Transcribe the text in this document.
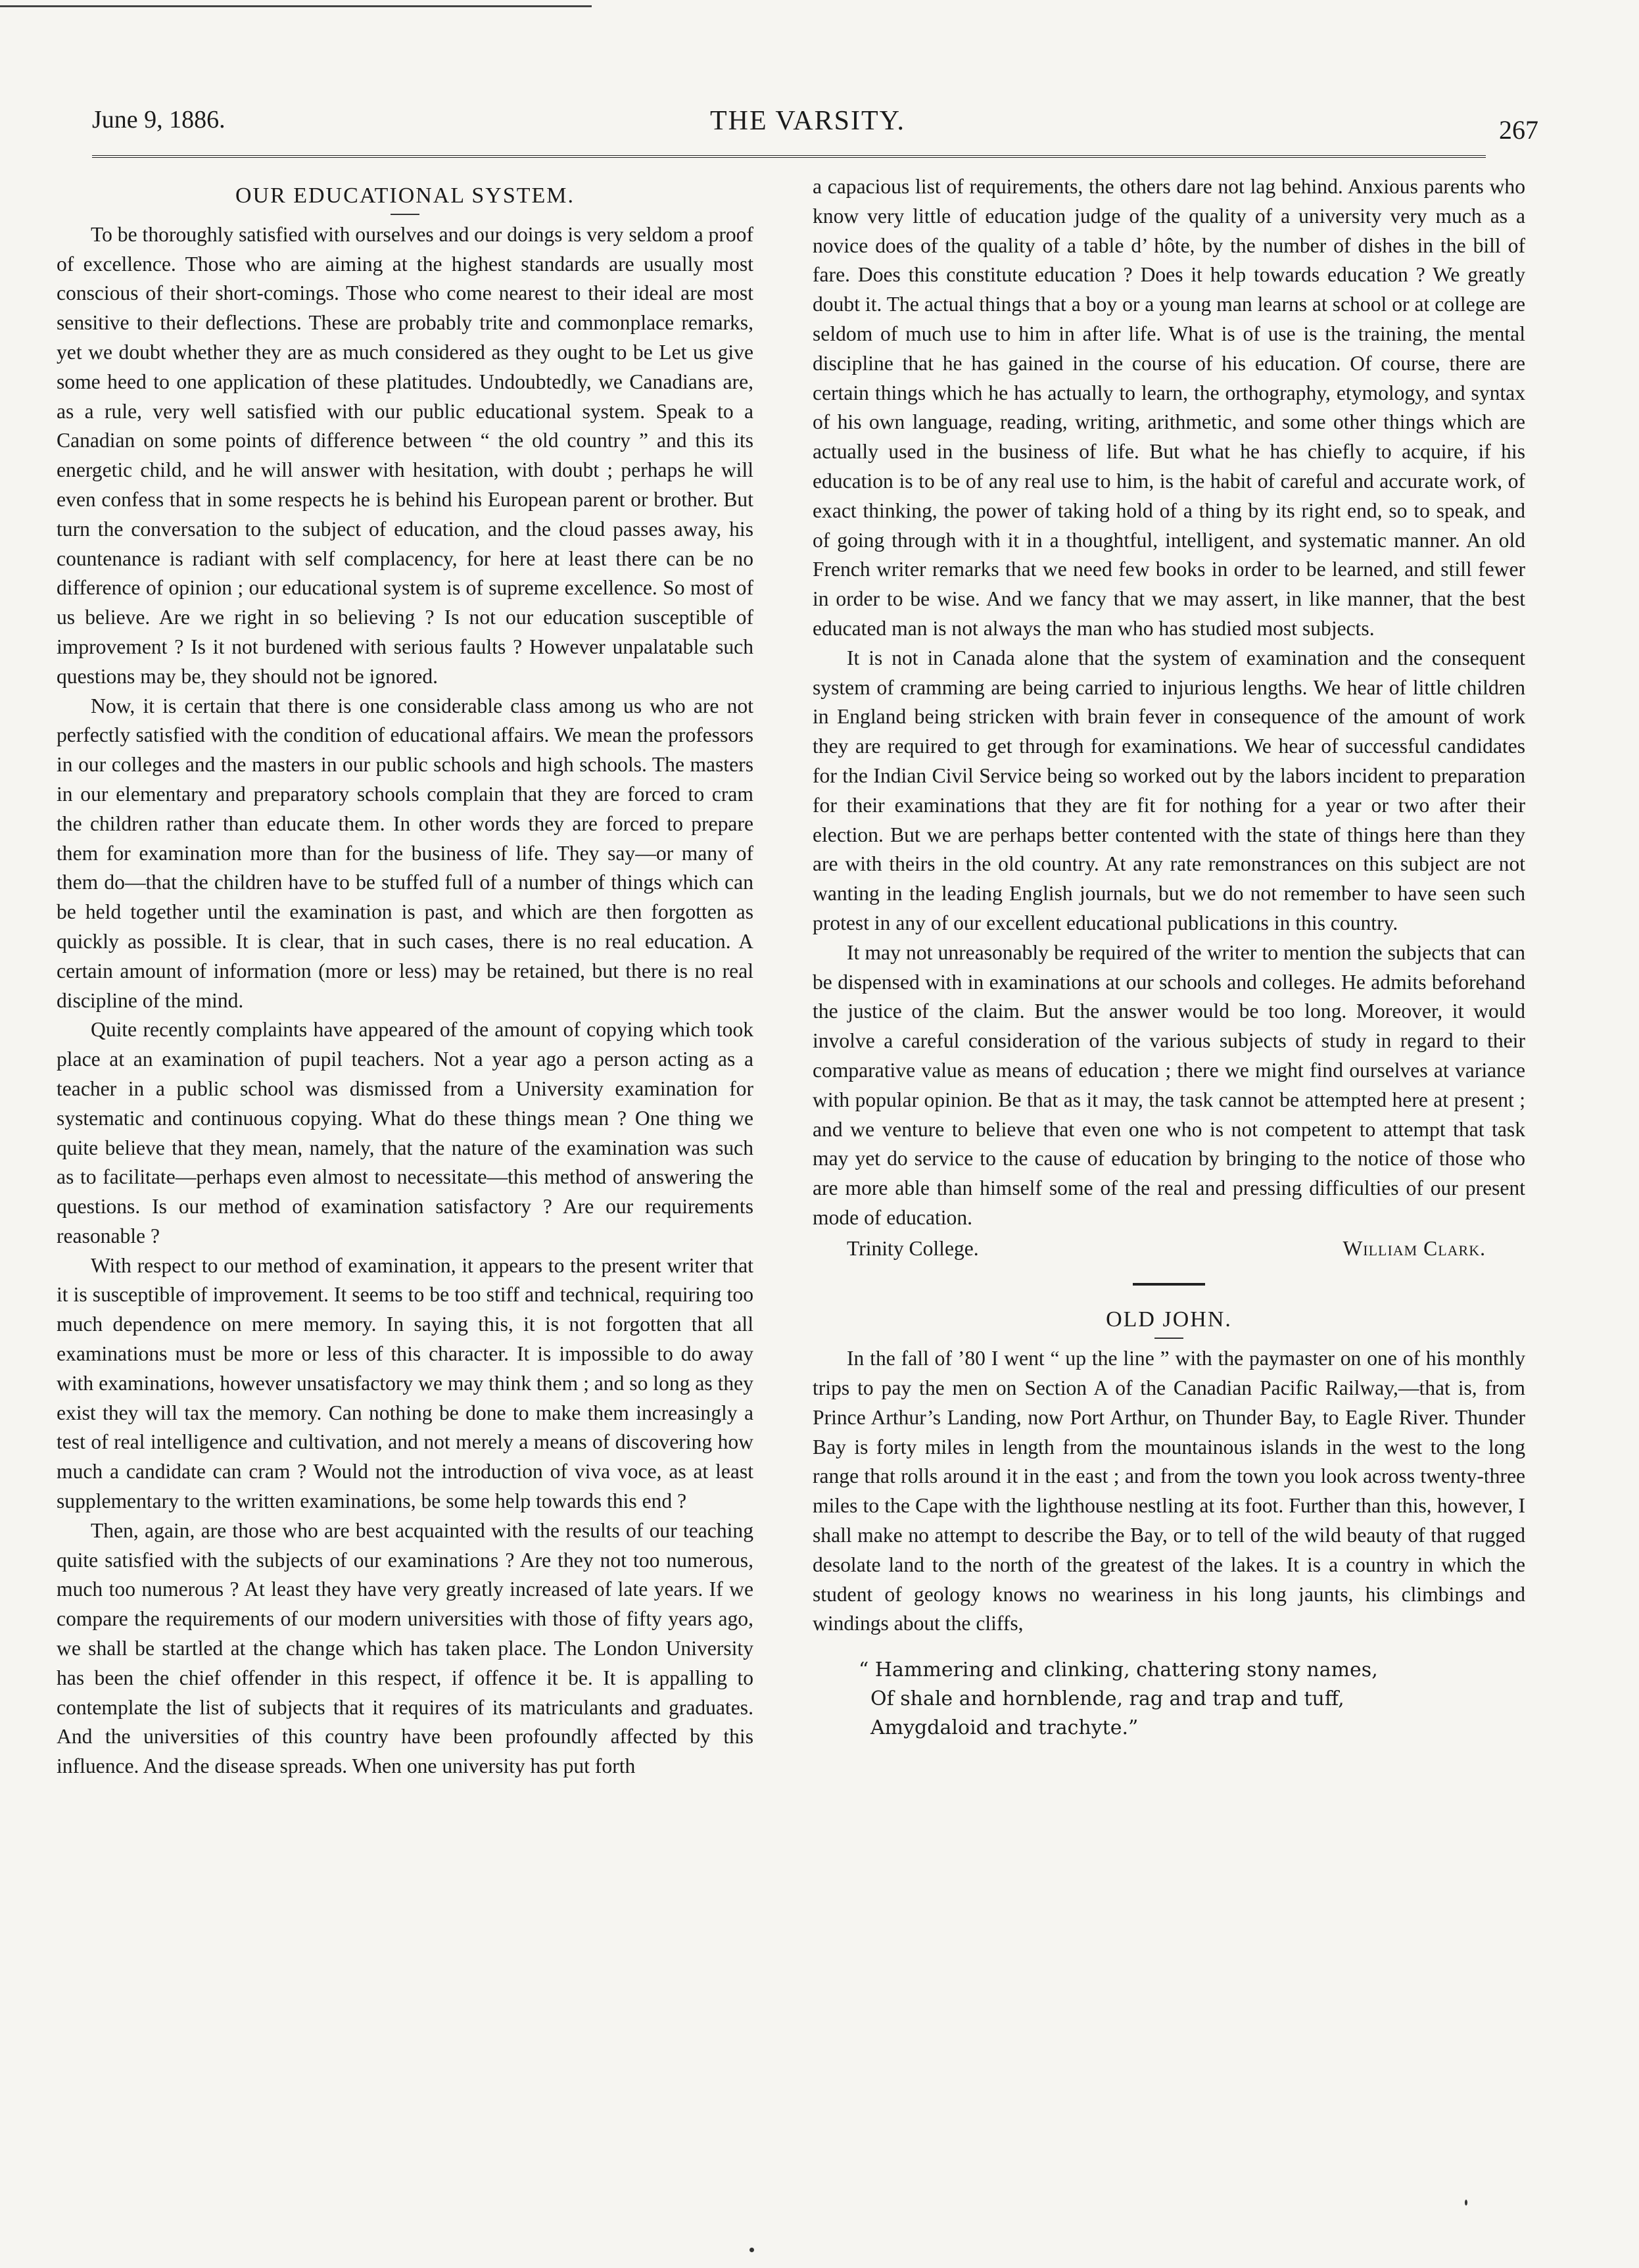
June 9, 1886.	THE VARSITY.	267
OUR EDUCATIONAL SYSTEM.

To be thoroughly satisfied with ourselves and our doings is very seldom a proof of excellence. Those who are aiming at the highest standards are usually most conscious of their short-comings. Those who come nearest to their ideal are most sensitive to their deflections. These are probably trite and commonplace remarks, yet we doubt whether they are as much considered as they ought to be Let us give some heed to one application of these platitudes. Undoubtedly, we Canadians are, as a rule, very well satisfied with our public educational system. Speak to a Canadian on some points of difference between “ the old country ” and this its energetic child, and he will answer with hesitation, with doubt ; perhaps he will even confess that in some respects he is behind his European parent or brother. But turn the conversation to the subject of education, and the cloud passes away, his countenance is radiant with self complacency, for here at least there can be no difference of opinion ; our educational system is of supreme excellence. So most of us believe. Are we right in so believing ? Is not our education susceptible of improvement ? Is it not burdened with serious faults ? However unpalatable such questions may be, they should not be ignored.

Now, it is certain that there is one considerable class among us who are not perfectly satisfied with the condition of educational affairs. We mean the professors in our colleges and the masters in our public schools and high schools. The masters in our elementary and preparatory schools complain that they are forced to cram the children rather than educate them. In other words they are forced to prepare them for examination more than for the business of life. They say—or many of them do—that the children have to be stuffed full of a number of things which can be held together until the examination is past, and which are then forgotten as quickly as possible. It is clear, that in such cases, there is no real education. A certain amount of information (more or less) may be retained, but there is no real discipline of the mind.

Quite recently complaints have appeared of the amount of copying which took place at an examination of pupil teachers. Not a year ago a person acting as a teacher in a public school was dismissed from a University examination for systematic and continuous copying. What do these things mean ? One thing we quite believe that they mean, namely, that the nature of the examination was such as to facilitate—perhaps even almost to necessitate—this method of answering the questions. Is our method of examination satisfactory ? Are our requirements reasonable ?

With respect to our method of examination, it appears to the present writer that it is susceptible of improvement. It seems to be too stiff and technical, requiring too much dependence on mere memory. In saying this, it is not forgotten that all examinations must be more or less of this character. It is impossible to do away with examinations, however unsatisfactory we may think them ; and so long as they exist they will tax the memory. Can nothing be done to make them increasingly a test of real intelligence and cultivation, and not merely a means of discovering how much a candidate can cram ? Would not the introduction of viva voce, as at least supplementary to the written examinations, be some help towards this end ?

Then, again, are those who are best acquainted with the results of our teaching quite satisfied with the subjects of our examinations ? Are they not too numerous, much too numerous ? At least they have very greatly increased of late years. If we compare the requirements of our modern universities with those of fifty years ago, we shall be startled at the change which has taken place. The London University has been the chief offender in this respect, if offence it be. It is appalling to contemplate the list of subjects that it requires of its matriculants and graduates. And the universities of this country have been profoundly affected by this influence. And the disease spreads. When one university has put forth

a capacious list of requirements, the others dare not lag behind. Anxious parents who know very little of education judge of the quality of a university very much as a novice does of the quality of a table d’ hôte, by the number of dishes in the bill of fare. Does this constitute education ? Does it help towards education ? We greatly doubt it. The actual things that a boy or a young man learns at school or at college are seldom of much use to him in after life. What is of use is the training, the mental discipline that he has gained in the course of his education. Of course, there are certain things which he has actually to learn, the orthography, etymology, and syntax of his own language, reading, writing, arithmetic, and some other things which are actually used in the business of life. But what he has chiefly to acquire, if his education is to be of any real use to him, is the habit of careful and accurate work, of exact thinking, the power of taking hold of a thing by its right end, so to speak, and of going through with it in a thoughtful, intelligent, and systematic manner. An old French writer remarks that we need few books in order to be learned, and still fewer in order to be wise. And we fancy that we may assert, in like manner, that the best educated man is not always the man who has studied most subjects.

It is not in Canada alone that the system of examination and the consequent system of cramming are being carried to injurious lengths. We hear of little children in England being stricken with brain fever in consequence of the amount of work they are required to get through for examinations. We hear of successful candidates for the Indian Civil Service being so worked out by the labors incident to preparation for their examinations that they are fit for nothing for a year or two after their election. But we are perhaps better contented with the state of things here than they are with theirs in the old country. At any rate remonstrances on this subject are not wanting in the leading English journals, but we do not remember to have seen such protest in any of our excellent educational publications in this country.

It may not unreasonably be required of the writer to mention the subjects that can be dispensed with in examinations at our schools and colleges. He admits beforehand the justice of the claim. But the answer would be too long. Moreover, it would involve a careful consideration of the various subjects of study in regard to their comparative value as means of education ; there we might find ourselves at variance with popular opinion. Be that as it may, the task cannot be attempted here at present ; and we venture to believe that even one who is not competent to attempt that task may yet do service to the cause of education by bringing to the notice of those who are more able than himself some of the real and pressing difficulties of our present mode of education.

Trinity College.	William Clark.
OLD JOHN.

In the fall of ’80 I went “ up the line ” with the paymaster on one of his monthly trips to pay the men on Section A of the Canadian Pacific Railway,—that is, from Prince Arthur’s Landing, now Port Arthur, on Thunder Bay, to Eagle River. Thunder Bay is forty miles in length from the mountainous islands in the west to the long range that rolls around it in the east ; and from the town you look across twenty-three miles to the Cape with the lighthouse nestling at its foot. Further than this, however, I shall make no attempt to describe the Bay, or to tell of the wild beauty of that rugged desolate land to the north of the greatest of the lakes. It is a country in which the student of geology knows no weariness in his long jaunts, his climbings and windings about the cliffs,

“ Hammering and clinking, chattering stony names,
Of shale and hornblende, rag and trap and tuff,
Amygdaloid and trachyte.”
